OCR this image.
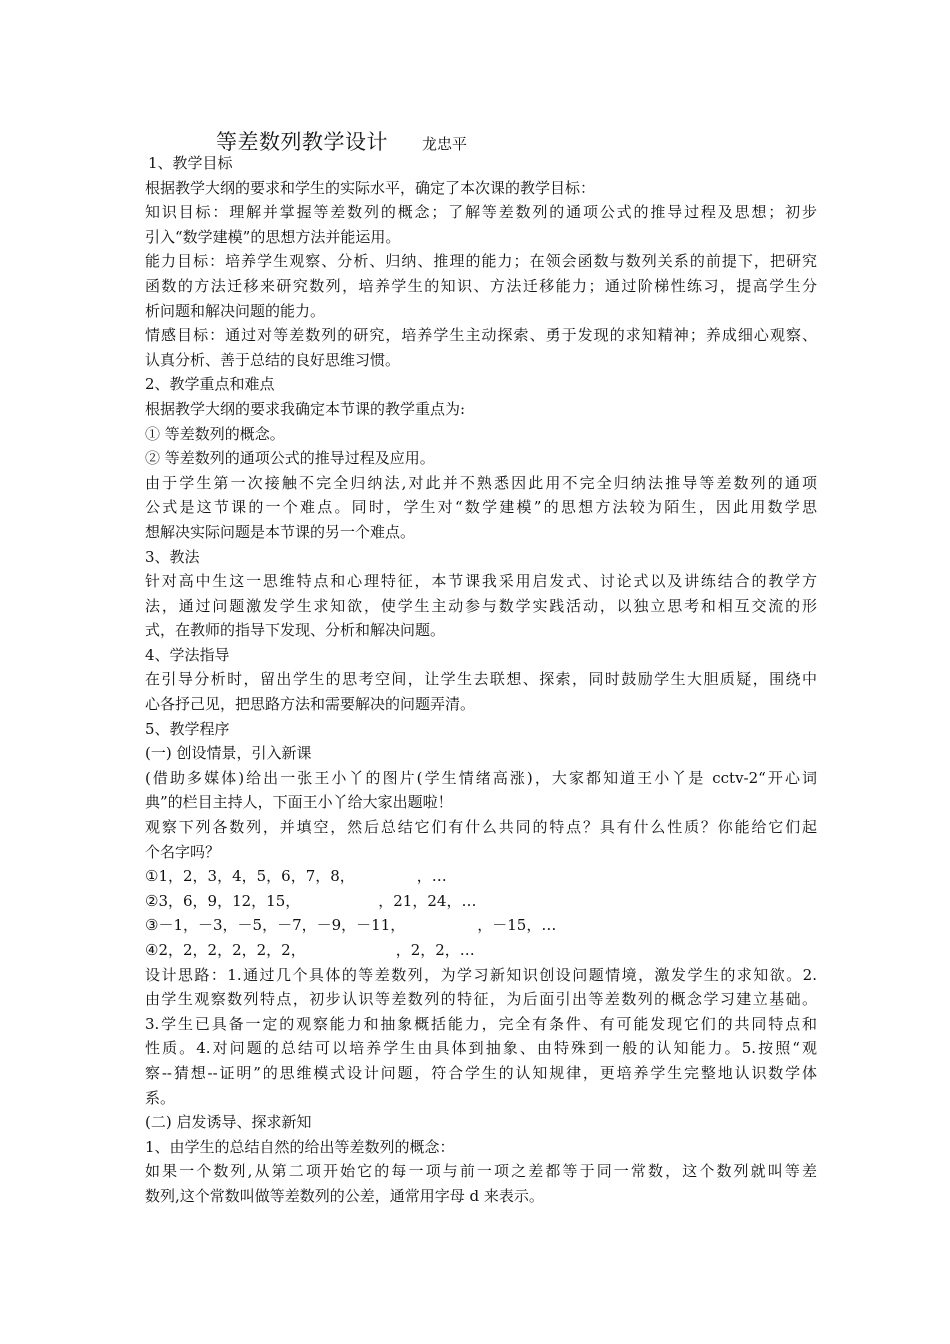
等差数列教学设计 龙忠平
1、教学目标
根据教学大纲的要求和学生的实际水平，确定了本次课的教学目标：
知识目标：理解并掌握等差数列的概念；了解等差数列的通项公式的推导过程及思想；初步
引入“数学建模”的思想方法并能运用。
能力目标：培养学生观察、分析、归纳、推理的能力；在领会函数与数列关系的前提下，把研究
函数的方法迁移来研究数列，培养学生的知识、方法迁移能力；通过阶梯性练习，提高学生分
析问题和解决问题的能力。
情感目标：通过对等差数列的研究，培养学生主动探索、勇于发现的求知精神；养成细心观察、
认真分析、善于总结的良好思维习惯。
2、教学重点和难点
根据教学大纲的要求我确定本节课的教学重点为:
① 等差数列的概念。
② 等差数列的通项公式的推导过程及应用。
由于学生第一次接触不完全归纳法,对此并不熟悉因此用不完全归纳法推导等差数列的通项
公式是这节课的一个难点。同时，学生对“数学建模”的思想方法较为陌生，因此用数学思
想解决实际问题是本节课的另一个难点。
3、教法
针对高中生这一思维特点和心理特征，本节课我采用启发式、讨论式以及讲练结合的教学方
法，通过问题激发学生求知欲，使学生主动参与数学实践活动，以独立思考和相互交流的形
式，在教师的指导下发现、分析和解决问题。
4、学法指导
在引导分析时，留出学生的思考空间，让学生去联想、探索，同时鼓励学生大胆质疑，围绕中
心各抒己见，把思路方法和需要解决的问题弄清。
5、教学程序
(一) 创设情景，引入新课
(借助多媒体)给出一张王小丫的图片(学生情绪高涨)，大家都知道王小丫是 cctv-2“开心词
典”的栏目主持人，下面王小丫给大家出题啦！
观察下列各数列，并填空，然后总结它们有什么共同的特点？具有什么性质？你能给它们起
个名字吗？
①1，2，3，4，5，6，7，8，	，…
②3，6，9，12，15，	，21，24，…
③－1，－3，－5，－7，－9，－11，	，－15，…
④2，2，2，2，2，2，	，2，2，…
设计思路：1.通过几个具体的等差数列，为学习新知识创设问题情境，激发学生的求知欲。2.
由学生观察数列特点，初步认识等差数列的特征，为后面引出等差数列的概念学习建立基础。
3.学生已具备一定的观察能力和抽象概括能力，完全有条件、有可能发现它们的共同特点和
性质。4.对问题的总结可以培养学生由具体到抽象、由特殊到一般的认知能力。5.按照“观
察--猜想--证明”的思维模式设计问题，符合学生的认知规律，更培养学生完整地认识数学体
系。
(二) 启发诱导、探求新知
1、由学生的总结自然的给出等差数列的概念：
如果一个数列,从第二项开始它的每一项与前一项之差都等于同一常数，这个数列就叫等差
数列,这个常数叫做等差数列的公差，通常用字母 d 来表示。
